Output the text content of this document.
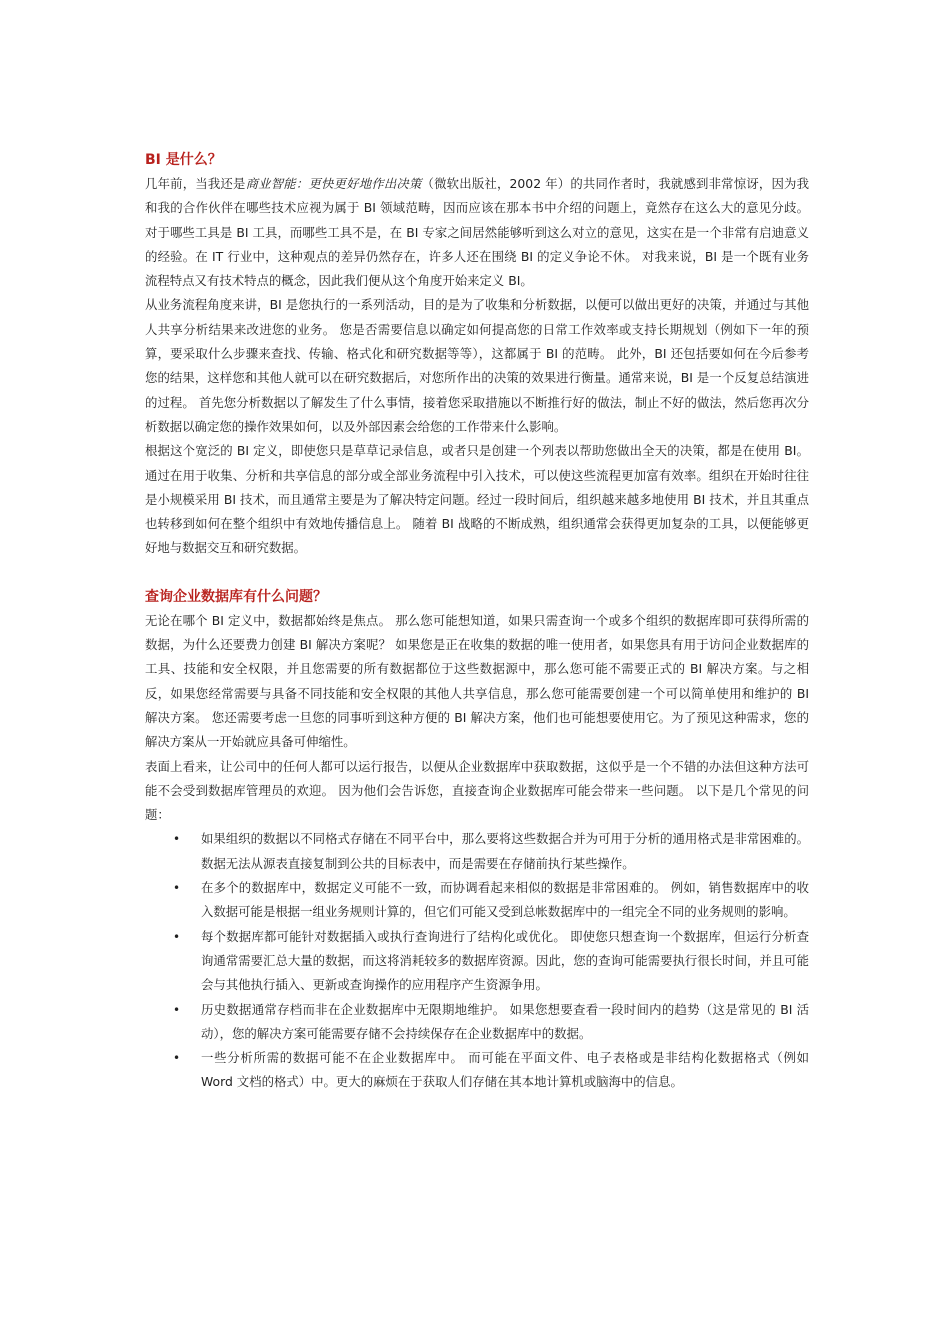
BI 是什么？

几年前，当我还是商业智能：更快更好地作出决策（微软出版社，2002 年）的共同作者时，我就感到非常惊讶，因为我和我的合作伙伴在哪些技术应视为属于 BI 领域范畴，因而应该在那本书中介绍的问题上，竟然存在这么大的意见分歧。 对于哪些工具是 BI 工具，而哪些工具不是，在 BI 专家之间居然能够听到这么对立的意见，这实在是一个非常有启迪意义的经验。在 IT 行业中，这种观点的差异仍然存在，许多人还在围绕 BI 的定义争论不休。 对我来说，BI 是一个既有业务流程特点又有技术特点的概念，因此我们便从这个角度开始来定义 BI。

从业务流程角度来讲，BI 是您执行的一系列活动，目的是为了收集和分析数据，以便可以做出更好的决策，并通过与其他人共享分析结果来改进您的业务。 您是否需要信息以确定如何提高您的日常工作效率或支持长期规划（例如下一年的预算，要采取什么步骤来查找、传输、格式化和研究数据等等），这都属于 BI 的范畴。 此外，BI 还包括要如何在今后参考您的结果，这样您和其他人就可以在研究数据后，对您所作出的决策的效果进行衡量。通常来说，BI 是一个反复总结演进的过程。 首先您分析数据以了解发生了什么事情，接着您采取措施以不断推行好的做法，制止不好的做法，然后您再次分析数据以确定您的操作效果如何，以及外部因素会给您的工作带来什么影响。

根据这个宽泛的 BI 定义，即使您只是草草记录信息，或者只是创建一个列表以帮助您做出全天的决策，都是在使用 BI。 通过在用于收集、分析和共享信息的部分或全部业务流程中引入技术，可以使这些流程更加富有效率。组织在开始时往往是小规模采用 BI 技术，而且通常主要是为了解决特定问题。经过一段时间后，组织越来越多地使用 BI 技术，并且其重点也转移到如何在整个组织中有效地传播信息上。 随着 BI 战略的不断成熟，组织通常会获得更加复杂的工具，以便能够更好地与数据交互和研究数据。

查询企业数据库有什么问题？

无论在哪个 BI 定义中，数据都始终是焦点。 那么您可能想知道，如果只需查询一个或多个组织的数据库即可获得所需的数据，为什么还要费力创建 BI 解决方案呢？ 如果您是正在收集的数据的唯一使用者，如果您具有用于访问企业数据库的工具、技能和安全权限，并且您需要的所有数据都位于这些数据源中，那么您可能不需要正式的 BI 解决方案。与之相反，如果您经常需要与具备不同技能和安全权限的其他人共享信息，那么您可能需要创建一个可以简单使用和维护的 BI 解决方案。 您还需要考虑一旦您的同事听到这种方便的 BI 解决方案，他们也可能想要使用它。为了预见这种需求，您的解决方案从一开始就应具备可伸缩性。

表面上看来，让公司中的任何人都可以运行报告，以便从企业数据库中获取数据，这似乎是一个不错的办法但这种方法可能不会受到数据库管理员的欢迎。 因为他们会告诉您，直接查询企业数据库可能会带来一些问题。 以下是几个常见的问题：

• 如果组织的数据以不同格式存储在不同平台中，那么要将这些数据合并为可用于分析的通用格式是非常困难的。 数据无法从源表直接复制到公共的目标表中，而是需要在存储前执行某些操作。
• 在多个的数据库中，数据定义可能不一致，而协调看起来相似的数据是非常困难的。 例如，销售数据库中的收入数据可能是根据一组业务规则计算的，但它们可能又受到总帐数据库中的一组完全不同的业务规则的影响。
• 每个数据库都可能针对数据插入或执行查询进行了结构化或优化。 即使您只想查询一个数据库，但运行分析查询通常需要汇总大量的数据，而这将消耗较多的数据库资源。因此，您的查询可能需要执行很长时间，并且可能会与其他执行插入、更新或查询操作的应用程序产生资源争用。
• 历史数据通常存档而非在企业数据库中无限期地维护。 如果您想要查看一段时间内的趋势（这是常见的 BI 活动），您的解决方案可能需要存储不会持续保存在企业数据库中的数据。
• 一些分析所需的数据可能不在企业数据库中。 而可能在平面文件、电子表格或是非结构化数据格式（例如 Word 文档的格式）中。更大的麻烦在于获取人们存储在其本地计算机或脑海中的信息。
